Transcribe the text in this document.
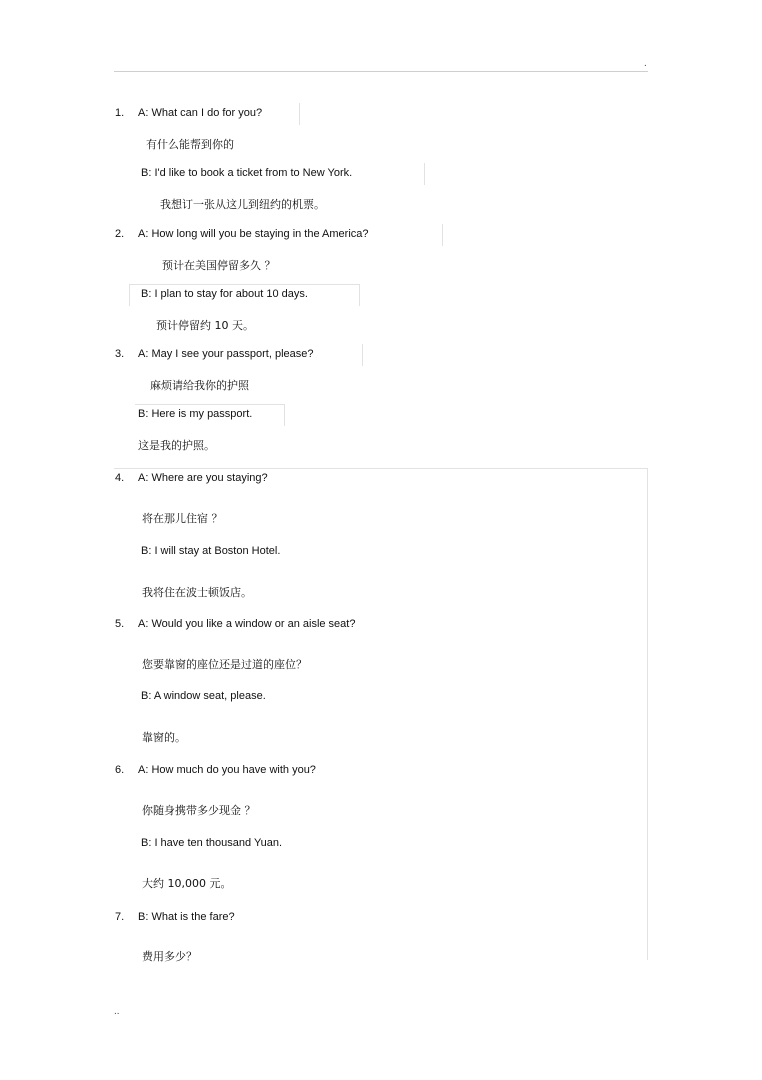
.
1. A: What can I do for you?
有什么能帮到你的
B: I'd like to book a ticket from to New York.
我想订一张从这儿到纽约的机票。
2. A: How long will you be staying in the America?
预计在美国停留多久 ？
B: I plan to stay for about 10 days.
预计停留约 10 天。
3. A: May I see your passport, please?
麻烦请给我你的护照
B: Here is my passport.
这是我的护照。
4. A: Where are you staying?
将在那儿住宿 ？
B: I will stay at Boston Hotel.
我将住在波士顿饭店。
5. A: Would you like a window or an aisle seat?
您要靠窗的座位还是过道的座位？
B: A window seat, please.
靠窗的。
6. A: How much do you have with you?
你随身携带多少现金 ？
B: I have ten thousand Yuan.
大约 10,000 元。
7. B: What is the fare?
费用多少？
..
